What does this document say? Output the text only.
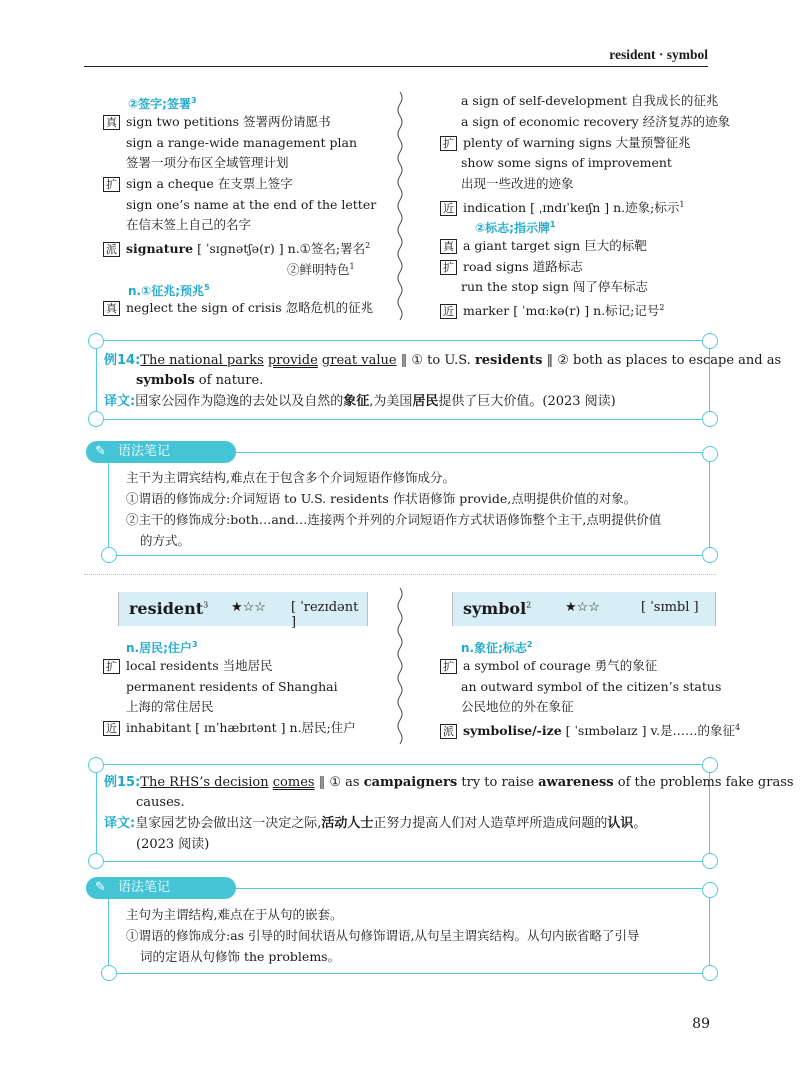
resident · symbol
②签字;签署$^3$
真 sign two petitions 签署两份请愿书
sign a range-wide management plan
签署一项分布区全域管理计划
扩 sign a cheque 在支票上签字
sign one’s name at the end of the letter
在信末签上自己的名字
派 signature [ ˈsɪɡnətʃə(r) ] n.①签名;署名$^2$
②鲜明特色$^1$
n.①征兆;预兆$^5$
真 neglect the sign of crisis 忽略危机的征兆
a sign of self-development 自我成长的征兆
a sign of economic recovery 经济复苏的迹象
扩 plenty of warning signs 大量预警征兆
show some signs of improvement
出现一些改进的迹象
近 indication [ ˌɪndɪˈkeɪʃn ] n.迹象;标示$^1$
②标志;指示牌$^1$
真 a giant target sign 巨大的标靶
扩 road signs 道路标志
run the stop sign 闯了停车标志
近 marker [ ˈmɑːkə(r) ] n.标记;记号$^2$
例14:The national parks provide great value ‖ ① to U.S. residents ‖ ② both as places to escape and as
symbols of nature.
译文:国家公园作为隐逸的去处以及自然的象征,为美国居民提供了巨大价值。(2023 阅读)
✎ 语法笔记
主干为主谓宾结构,难点在于包含多个介词短语作修饰成分。
①谓语的修饰成分:介词短语 to U.S. residents 作状语修饰 provide,点明提供价值的对象。
②主干的修饰成分:both…and…连接两个并列的介词短语作方式状语修饰整个主干,点明提供价值
的方式。
resident$^3$ ★☆☆ [ ˈrezɪdənt ]
symbol$^2$	★☆☆	[ ˈsɪmbl ]
n.居民;住户$^3$
扩 local residents 当地居民
permanent residents of Shanghai
上海的常住居民
近 inhabitant [ ɪnˈhæbɪtənt ] n.居民;住户
n.象征;标志$^2$
扩 a symbol of courage 勇气的象征
an outward symbol of the citizen’s status
公民地位的外在象征
派 symbolise/-ize [ ˈsɪmbəlaɪz ] v.是……的象征$^4$
例15:The RHS’s decision comes ‖ ① as campaigners try to raise awareness of the problems fake grass
causes.
译文:皇家园艺协会做出这一决定之际,活动人士正努力提高人们对人造草坪所造成问题的认识。
(2023 阅读)
✎ 语法笔记
主句为主谓结构,难点在于从句的嵌套。
①谓语的修饰成分:as 引导的时间状语从句修饰谓语,从句呈主谓宾结构。从句内嵌省略了引导
词的定语从句修饰 the problems。
89
